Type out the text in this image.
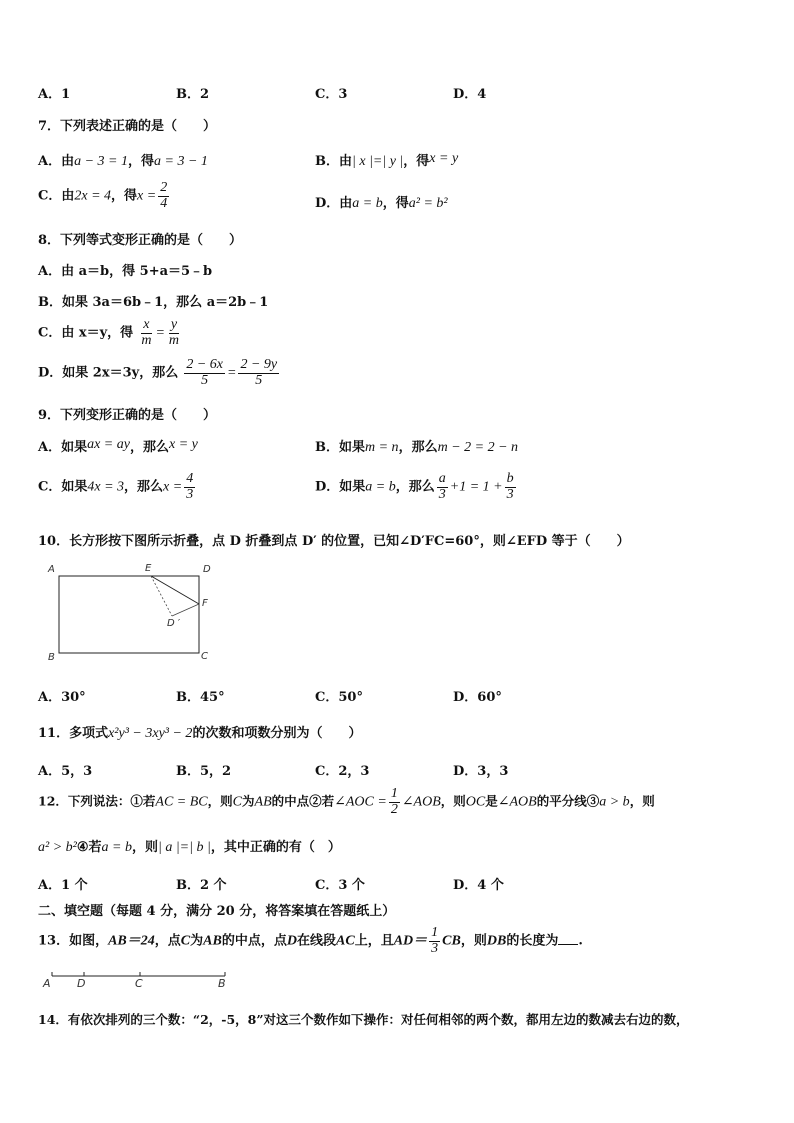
A．1	B．2	C．3	D．4
7．下列表述正确的是（　　）
A．由a − 3 = 1，得a = 3 − 1	B．由| x |=| y |，得x = y
C．由2x = 4，得$x = \frac{2}{4}$	D．由a = b，得a² = b²
8．下列等式变形正确的是（　　）
A．由 a＝b，得 5+a＝5﹣b
B．如果 3a＝6b﹣1，那么 a＝2b﹣1
C．由 x＝y，得 $\frac{x}{m} = \frac{y}{m}$
D．如果 2x＝3y，那么 $\frac{2 - 6x}{5} = \frac{2 - 9y}{5}$
9．下列变形正确的是（　　）
A．如果ax = ay，那么x = y	B．如果m = n，那么m − 2 = 2 − n
C．如果4x = 3，那么$x = \frac{4}{3}$	D．如果a = b，那么 $\frac{a}{3} +1 = 1 + \frac{b}{3}$
10．长方形按下图所示折叠，点 D 折叠到点 D′ 的位置，已知∠D′FC=60°，则∠EFD 等于（　　）
A	E	D
F
D ′
B	C
A．30°	B．45°	C．50°	D．60°
11．多项式x²y³ − 3xy³ − 2的次数和项数分别为（　　）
A．5，3	B．5，2	C．2，3	D．3，3
12．下列说法：①若AC = BC，则C为AB的中点②若∠AOC = $\frac{1}{2}$ ∠AOB，则OC是∠AOB的平分线③a > b，则
a² > b²④若a = b，则| a |=| b |，其中正确的有（　）
A．1 个	B．2 个	C．3 个	D．4 个
二、填空题（每题 4 分，满分 20 分，将答案填在答题纸上）
13．如图，AB＝24，点C为AB的中点，点D在线段AC上，且$AD= \frac{1}{3}$ CB，则DB的长度为 .
A D	C	B
14．有依次排列的三个数：“2，-5，8”对这三个数作如下操作：对任何相邻的两个数，都用左边的数减去右边的数，
